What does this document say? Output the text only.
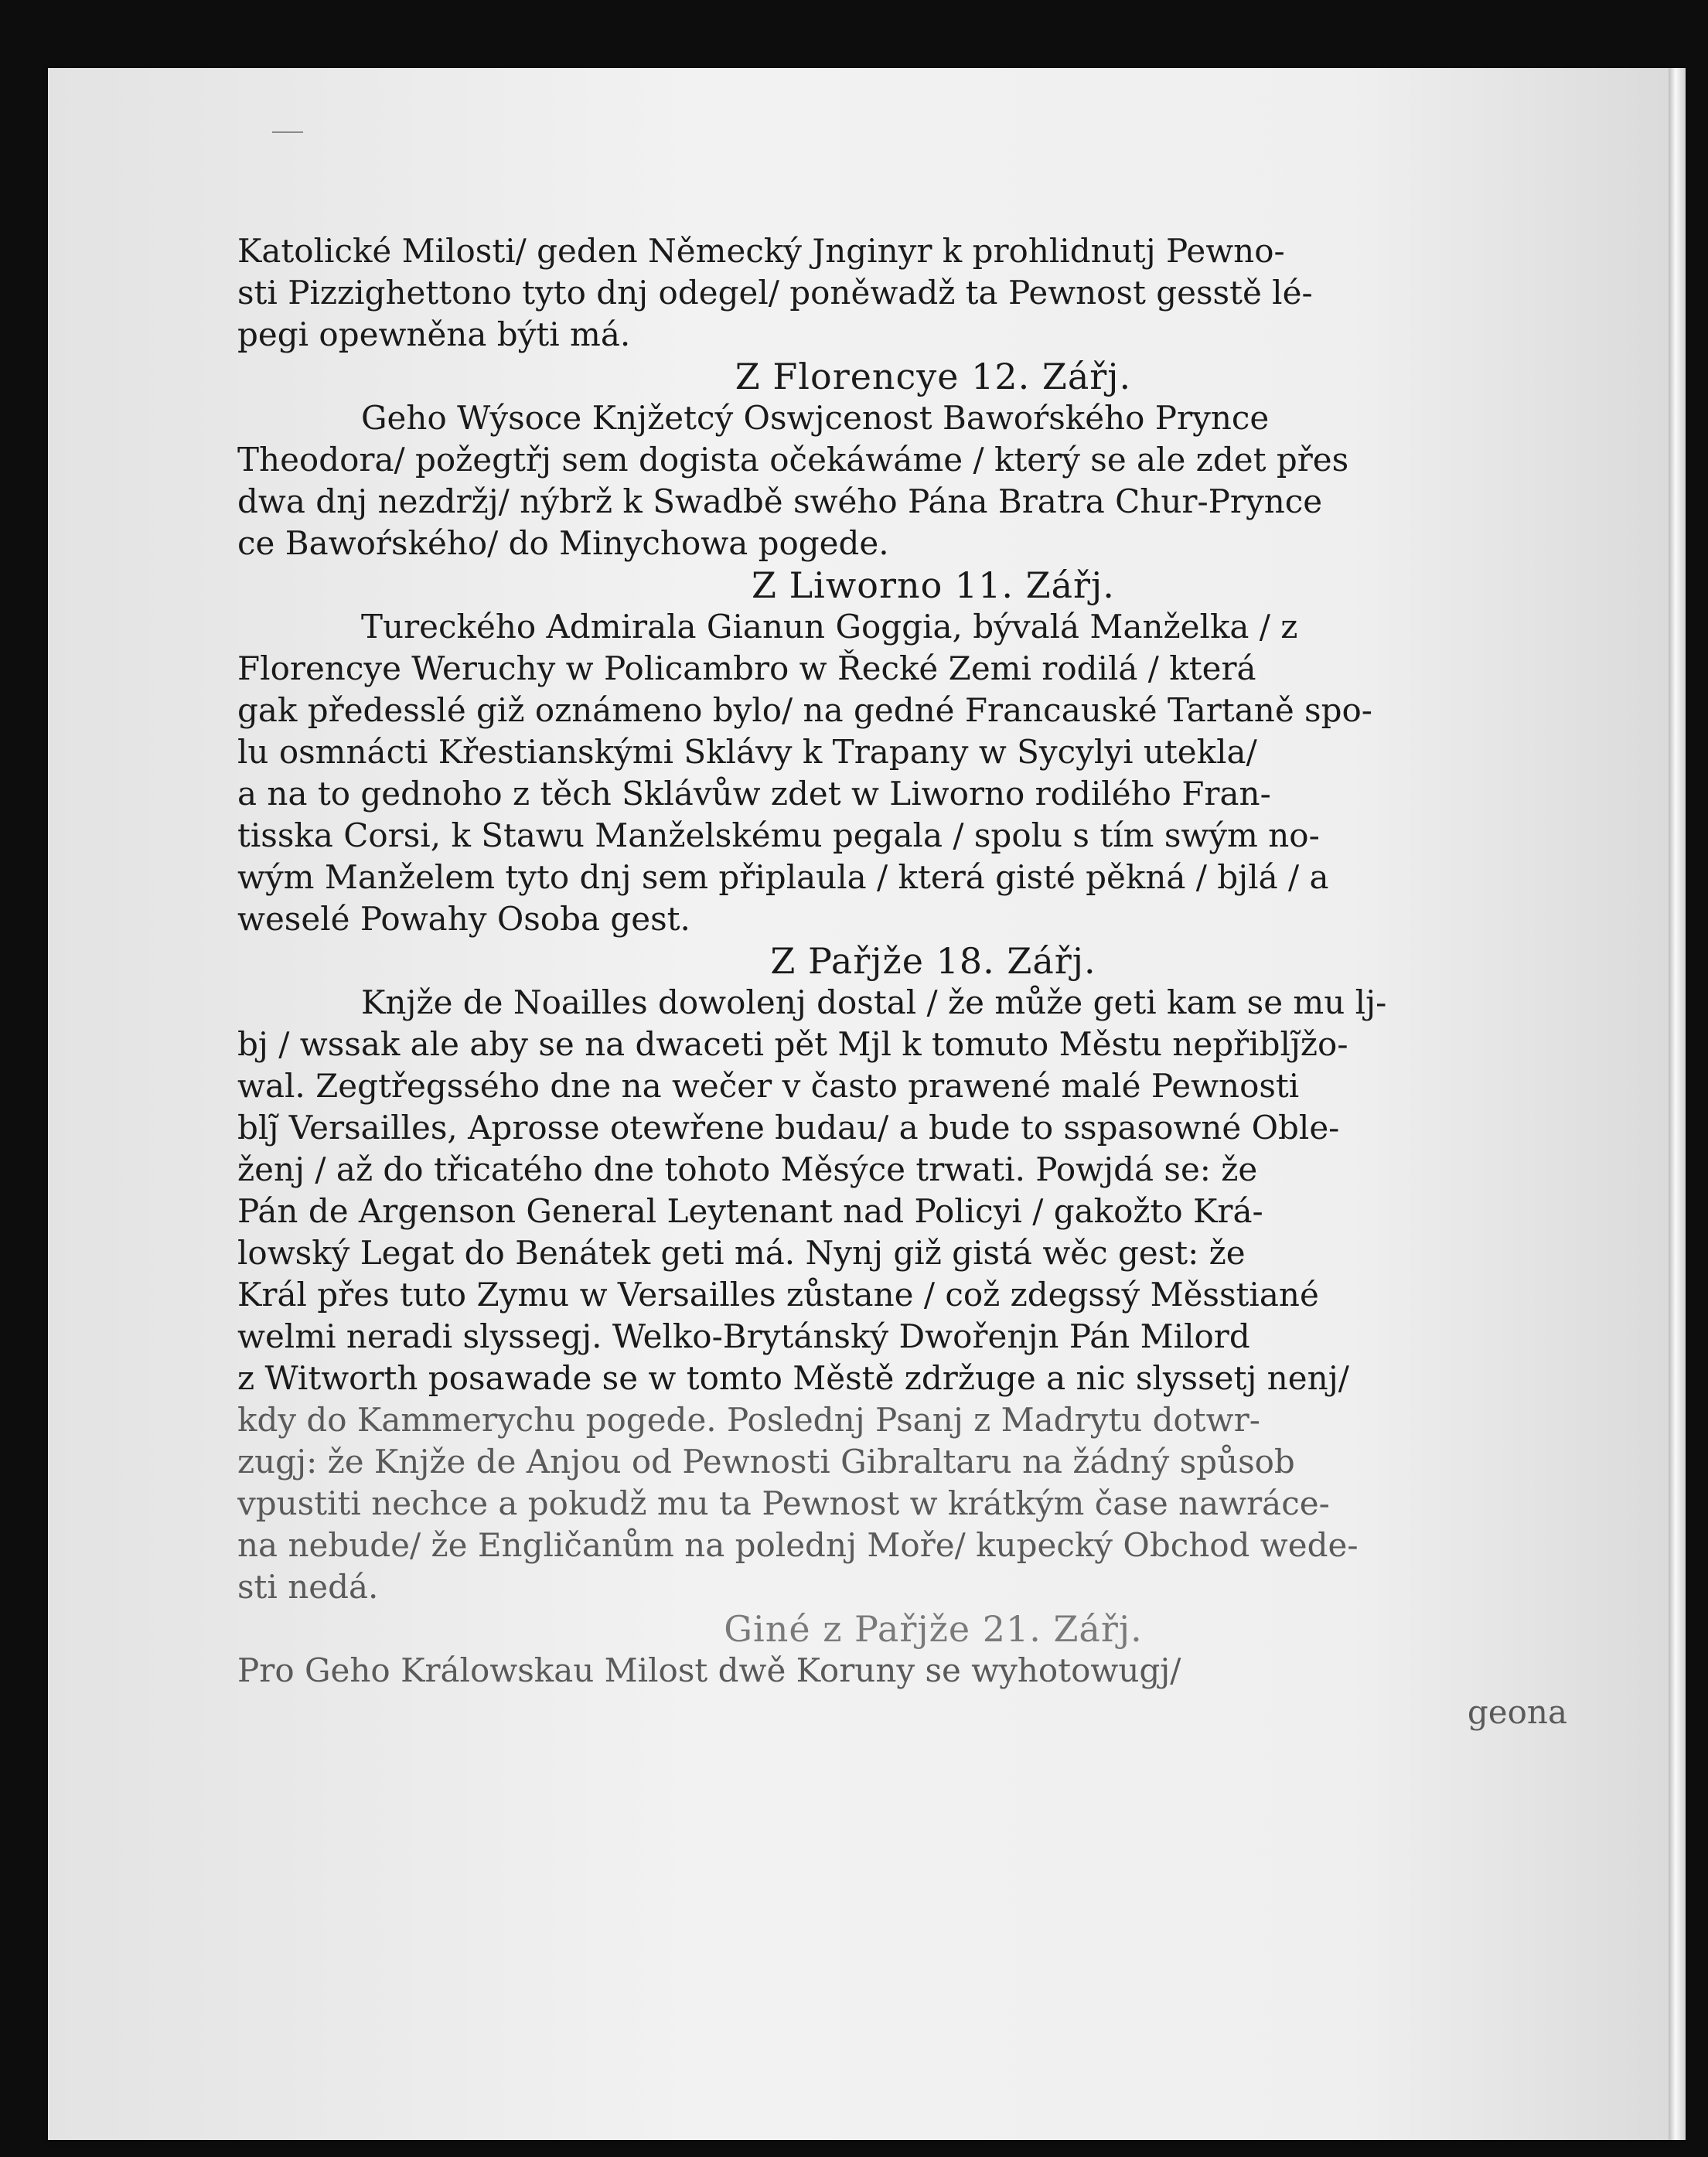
Katolické Milosti/ geden Německý Jnginyr k prohlidnutj Pewno-
sti Pizzighettono tyto dnj odegel/ poněwadž ta Pewnost gesstě lé-
pegi opewněna býti má.
Z Florencye 12. Zářj.
Geho Wýsoce Knjžetcý Oswjcenost Bawoŕského Prynce
Theodora/ požegtřj sem dogista očekáwáme / který se ale zdet přes
dwa dnj nezdržj/ nýbrž k Swadbě swého Pána Bratra Chur-Prynce
ce Bawoŕského/ do Minychowa pogede.
Z Liworno 11. Zářj.
Tureckého Admirala Gianun Goggia, bývalá Manželka / z
Florencye Weruchy w Policambro w Řecké Zemi rodilá / která
gak předesslé giž oznámeno bylo/ na gedné Francauské Tartaně spo-
lu osmnácti Křestianskými Sklávy k Trapany w Sycylyi utekla/
a na to gednoho z těch Sklávůw zdet w Liworno rodilého Fran-
tisska Corsi, k Stawu Manželskému pegala / spolu s tím swým no-
wým Manželem tyto dnj sem připlaula / která gisté pěkná / bjlá / a
weselé Powahy Osoba gest.
Z Pařjže 18. Zářj.
Knjže de Noailles dowolenj dostal / že může geti kam se mu lj-
bj / wssak ale aby se na dwaceti pět Mjl k tomuto Městu nepřiblj̃žo-
wal. Zegtřegssého dne na wečer v často prawené malé Pewnosti
blj̃ Versailles, Aprosse otewřene budau/ a bude to sspasowné Oble-
ženj / až do třicatého dne tohoto Měsýce trwati. Powjdá se: že
Pán de Argenson General Leytenant nad Policyi / gakožto Krá-
lowský Legat do Benátek geti má. Nynj giž gistá wěc gest: že
Král přes tuto Zymu w Versailles zůstane / což zdegssý Měsstiané
welmi neradi slyssegj. Welko-Brytánský Dwořenjn Pán Milord
z Witworth posawade se w tomto Městě zdržuge a nic slyssetj nenj/
kdy do Kammerychu pogede. Poslednj Psanj z Madrytu dotwr-
zugj: že Knjže de Anjou od Pewnosti Gibraltaru na žádný spůsob
vpustiti nechce a pokudž mu ta Pewnost w krátkým čase nawráce-
na nebude/ že Engličanům na polednj Moře/ kupecký Obchod wede-
sti nedá.
Giné z Pařjže 21. Zářj.
Pro Geho Králowskau Milost dwě Koruny se wyhotowugj/
geona
